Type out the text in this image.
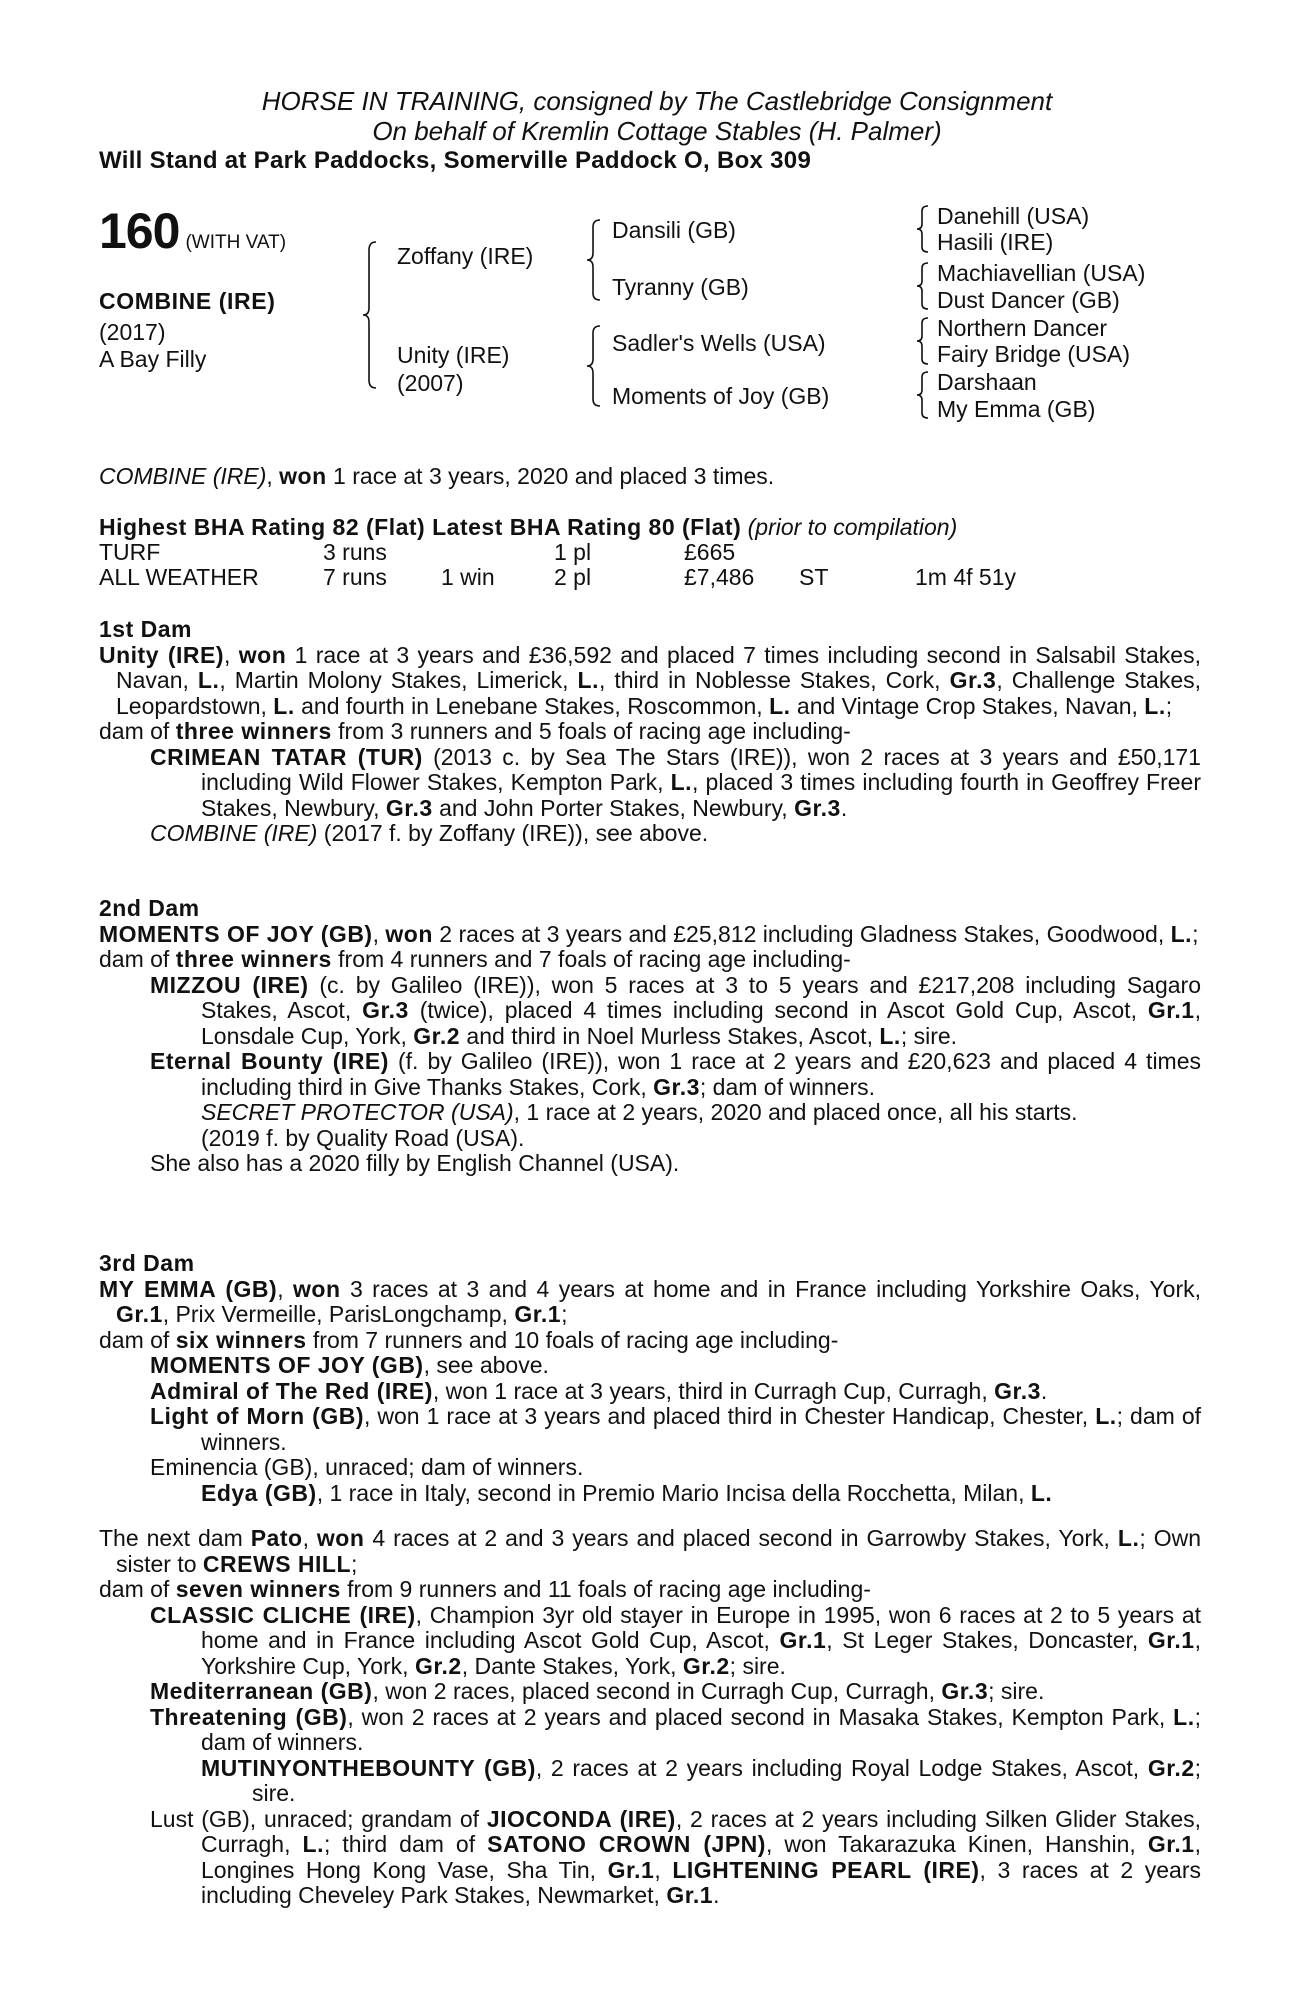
HORSE IN TRAINING, consigned by The Castlebridge Consignment
On behalf of Kremlin Cottage Stables (H. Palmer)
Will Stand at Park Paddocks, Somerville Paddock O, Box 309
160 (WITH VAT)
COMBINE (IRE)
(2017)
A Bay Filly
Zoffany (IRE)
Unity (IRE)
(2007)
Dansili (GB)
Tyranny (GB)
Sadler's Wells (USA)
Moments of Joy (GB)
Danehill (USA)
Hasili (IRE)
Machiavellian (USA)
Dust Dancer (GB)
Northern Dancer
Fairy Bridge (USA)
Darshaan
My Emma (GB)
COMBINE (IRE), won 1 race at 3 years, 2020 and placed 3 times.
Highest BHA Rating 82 (Flat) Latest BHA Rating 80 (Flat) (prior to compilation)
TURF	3 runs	1 pl	£665
ALL WEATHER	7 runs 1 win	2 pl	£7,486 ST	1m 4f 51y

1st Dam

Unity (IRE), won 1 race at 3 years and £36,592 and placed 7 times including second in Salsabil Stakes, Navan, L., Martin Molony Stakes, Limerick, L., third in Noblesse Stakes, Cork, Gr.3, Challenge Stakes, Leopardstown, L. and fourth in Lenebane Stakes, Roscommon, L. and Vintage Crop Stakes, Navan, L.;

dam of three winners from 3 runners and 5 foals of racing age including-

CRIMEAN TATAR (TUR) (2013 c. by Sea The Stars (IRE)), won 2 races at 3 years and £50,171 including Wild Flower Stakes, Kempton Park, L., placed 3 times including fourth in Geoffrey Freer Stakes, Newbury, Gr.3 and John Porter Stakes, Newbury, Gr.3.

COMBINE (IRE) (2017 f. by Zoffany (IRE)), see above.

2nd Dam

MOMENTS OF JOY (GB), won 2 races at 3 years and £25,812 including Gladness Stakes, Goodwood, L.;

dam of three winners from 4 runners and 7 foals of racing age including-

MIZZOU (IRE) (c. by Galileo (IRE)), won 5 races at 3 to 5 years and £217,208 including Sagaro Stakes, Ascot, Gr.3 (twice), placed 4 times including second in Ascot Gold Cup, Ascot, Gr.1, Lonsdale Cup, York, Gr.2 and third in Noel Murless Stakes, Ascot, L.; sire.

Eternal Bounty (IRE) (f. by Galileo (IRE)), won 1 race at 2 years and £20,623 and placed 4 times including third in Give Thanks Stakes, Cork, Gr.3; dam of winners.

SECRET PROTECTOR (USA), 1 race at 2 years, 2020 and placed once, all his starts.

(2019 f. by Quality Road (USA).

She also has a 2020 filly by English Channel (USA).

3rd Dam

MY EMMA (GB), won 3 races at 3 and 4 years at home and in France including Yorkshire Oaks, York, Gr.1, Prix Vermeille, ParisLongchamp, Gr.1;

dam of six winners from 7 runners and 10 foals of racing age including-

MOMENTS OF JOY (GB), see above.

Admiral of The Red (IRE), won 1 race at 3 years, third in Curragh Cup, Curragh, Gr.3.

Light of Morn (GB), won 1 race at 3 years and placed third in Chester Handicap, Chester, L.; dam of winners.

Eminencia (GB), unraced; dam of winners.

Edya (GB), 1 race in Italy, second in Premio Mario Incisa della Rocchetta, Milan, L.

The next dam Pato, won 4 races at 2 and 3 years and placed second in Garrowby Stakes, York, L.; Own sister to CREWS HILL;

dam of seven winners from 9 runners and 11 foals of racing age including-

CLASSIC CLICHE (IRE), Champion 3yr old stayer in Europe in 1995, won 6 races at 2 to 5 years at home and in France including Ascot Gold Cup, Ascot, Gr.1, St Leger Stakes, Doncaster, Gr.1, Yorkshire Cup, York, Gr.2, Dante Stakes, York, Gr.2; sire.

Mediterranean (GB), won 2 races, placed second in Curragh Cup, Curragh, Gr.3; sire.

Threatening (GB), won 2 races at 2 years and placed second in Masaka Stakes, Kempton Park, L.; dam of winners.

MUTINYONTHEBOUNTY (GB), 2 races at 2 years including Royal Lodge Stakes, Ascot, Gr.2; sire.

Lust (GB), unraced; grandam of JIOCONDA (IRE), 2 races at 2 years including Silken Glider Stakes, Curragh, L.; third dam of SATONO CROWN (JPN), won Takarazuka Kinen, Hanshin, Gr.1, Longines Hong Kong Vase, Sha Tin, Gr.1, LIGHTENING PEARL (IRE), 3 races at 2 years including Cheveley Park Stakes, Newmarket, Gr.1.
